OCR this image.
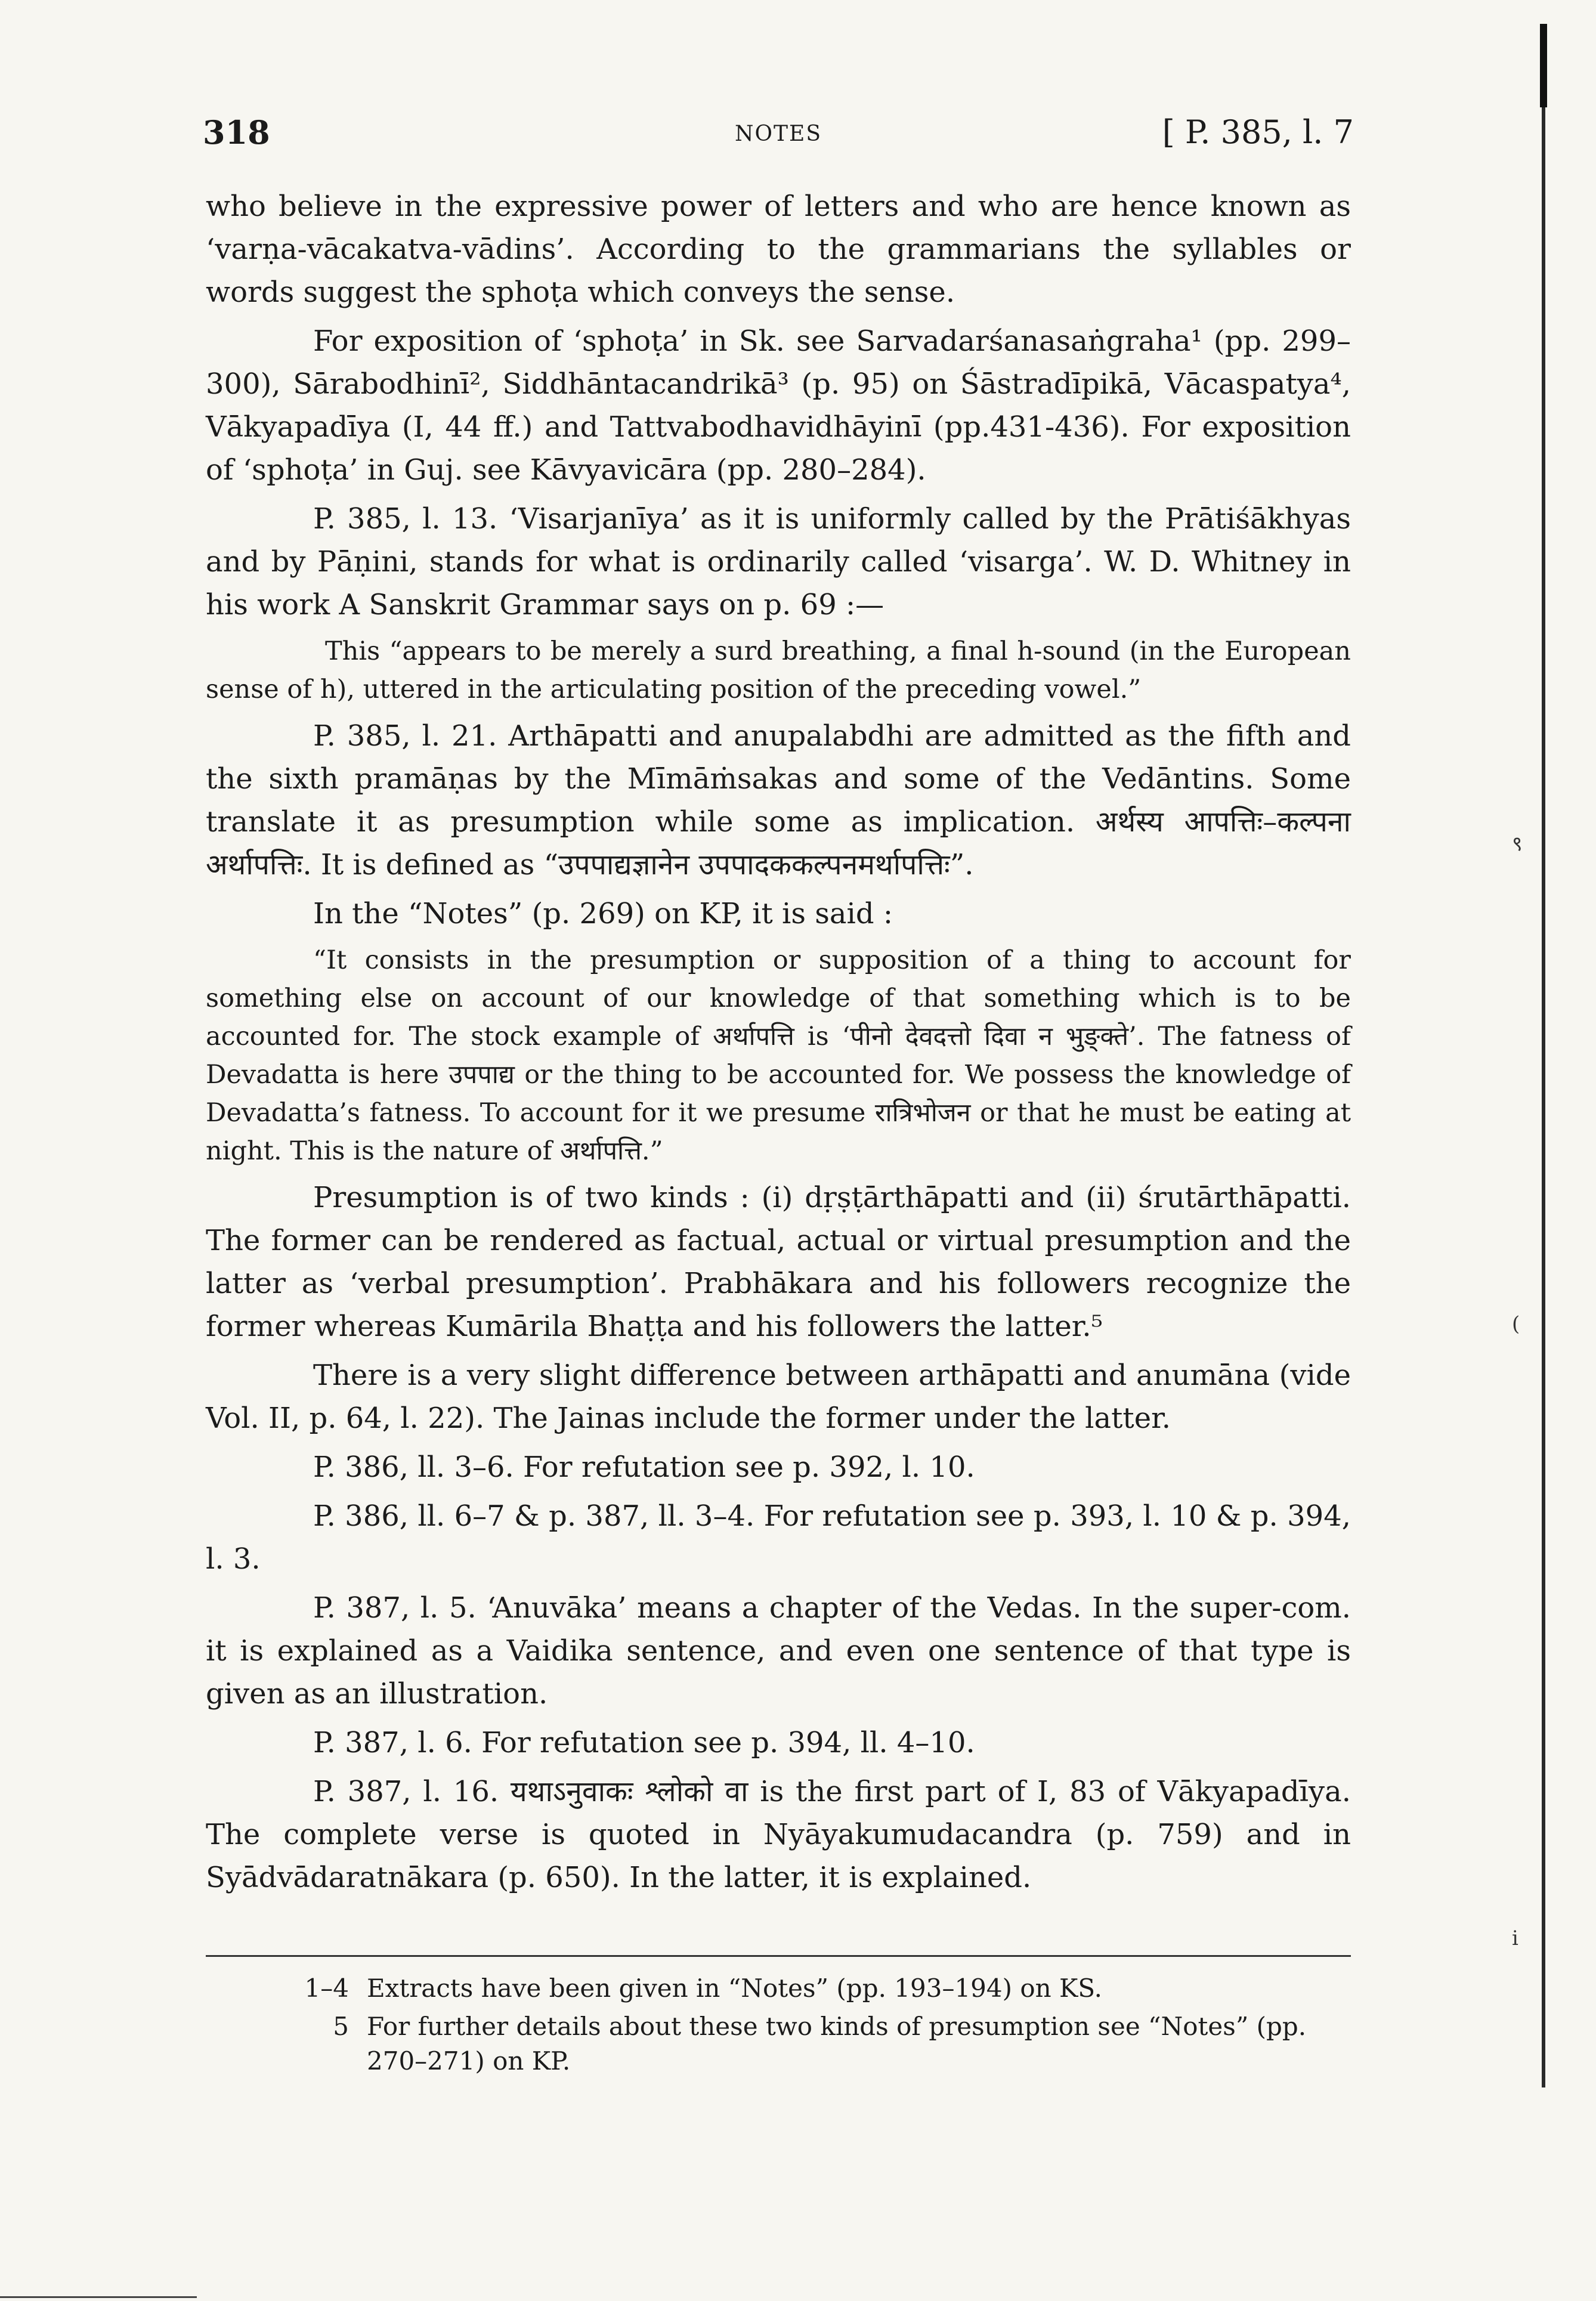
318	NOTES	[ P. 385, l. 7

who believe in the expressive power of letters and who are hence known as ‘varṇa-vācakatva-vādins’. According to the grammarians the syllables or words suggest the sphoṭa which conveys the sense.

For exposition of ‘sphoṭa’ in Sk. see Sarvadarśanasaṅgraha¹ (pp. 299–300), Sārabodhinī², Siddhāntacandrikā³ (p. 95) on Śāstradīpikā, Vācaspatya⁴, Vākyapadīya (I, 44 ff.) and Tattvabodhavidhāyinī (pp.431-436). For exposition of ‘sphoṭa’ in Guj. see Kāvyavicāra (pp. 280–284).

P. 385, l. 13. ‘Visarjanīya’ as it is uniformly called by the Prātiśākhyas and by Pāṇini, stands for what is ordinarily called ‘visarga’. W. D. Whitney in his work A Sanskrit Grammar says on p. 69 :—

This “appears to be merely a surd breathing, a final h-sound (in the European sense of h), uttered in the articulating position of the preceding vowel.”

P. 385, l. 21. Arthāpatti and anupalabdhi are admitted as the fifth and the sixth pramāṇas by the Mīmāṁsakas and some of the Vedāntins. Some translate it as presumption while some as implication. अर्थस्य आपत्तिः–कल्पना अर्थापत्तिः. It is defined as “उपपाद्यज्ञानेन उपपादककल्पनमर्थापत्तिः”.

In the “Notes” (p. 269) on KP, it is said :

“It consists in the presumption or supposition of a thing to account for something else on account of our knowledge of that something which is to be accounted for. The stock example of अर्थापत्ति is ‘पीनो देवदत्तो दिवा न भुङ्क्ते’. The fatness of Devadatta is here उपपाद्य or the thing to be accounted for. We possess the knowledge of Devadatta’s fatness. To account for it we presume रात्रिभोजन or that he must be eating at night. This is the nature of अर्थापत्ति.”

Presumption is of two kinds : (i) dṛṣṭārthāpatti and (ii) śrutārthāpatti. The former can be rendered as factual, actual or virtual presumption and the latter as ‘verbal presumption’. Prabhākara and his followers recognize the former whereas Kumārila Bhaṭṭa and his followers the latter.⁵

There is a very slight difference between arthāpatti and anumāna (vide Vol. II, p. 64, l. 22). The Jainas include the former under the latter.

P. 386, ll. 3–6. For refutation see p. 392, l. 10.

P. 386, ll. 6–7 & p. 387, ll. 3–4. For refutation see p. 393, l. 10 & p. 394, l. 3.

P. 387, l. 5. ‘Anuvāka’ means a chapter of the Vedas. In the super-com. it is explained as a Vaidika sentence, and even one sentence of that type is given as an illustration.

P. 387, l. 6. For refutation see p. 394, ll. 4–10.

P. 387, l. 16. यथाऽनुवाकः श्लोको वा is the first part of I, 83 of Vākyapadīya. The complete verse is quoted in Nyāyakumudacandra (p. 759) and in Syādvādaratnākara (p. 650). In the latter, it is explained.

1–4 Extracts have been given in “Notes” (pp. 193–194) on KS.
5 For further details about these two kinds of presumption see “Notes” (pp. 270–271) on KP.
९
(
i
